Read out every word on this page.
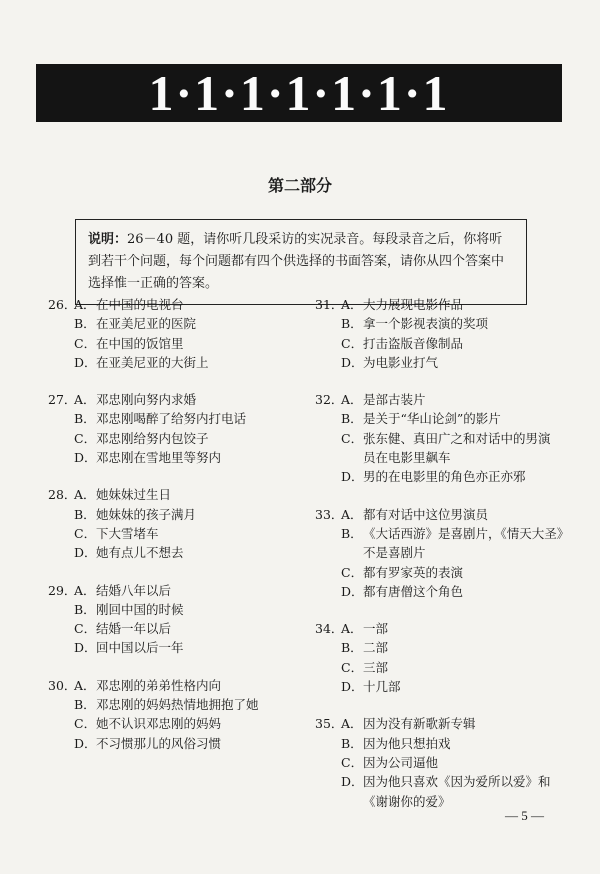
1·1·1·1·1·1·1
第二部分
说明：26－40 题，请你听几段采访的实况录音。每段录音之后，你将听到若干个问题，每个问题都有四个供选择的书面答案，请你从四个答案中选择惟一正确的答案。
26．
A． 在中国的电视台
B． 在亚美尼亚的医院
C． 在中国的饭馆里
D． 在亚美尼亚的大街上
27．
A． 邓忠刚向努内求婚
B． 邓忠刚喝醉了给努内打电话
C． 邓忠刚给努内包饺子
D． 邓忠刚在雪地里等努内
28．
A． 她妹妹过生日
B． 她妹妹的孩子满月
C． 下大雪堵车
D． 她有点儿不想去
29．
A． 结婚八年以后
B． 刚回中国的时候
C． 结婚一年以后
D． 回中国以后一年
30．
A． 邓忠刚的弟弟性格内向
B． 邓忠刚的妈妈热情地拥抱了她
C． 她不认识邓忠刚的妈妈
D． 不习惯那儿的风俗习惯
31．
A． 大力展现电影作品
B． 拿一个影视表演的奖项
C． 打击盗版音像制品
D． 为电影业打气
32．
A． 是部古装片
B． 是关于“华山论剑”的影片
C． 张东健、真田广之和对话中的男演
员在电影里飙车
D． 男的在电影里的角色亦正亦邪
33．
A． 都有对话中这位男演员
B． 《大话西游》是喜剧片，《情天大圣》
不是喜剧片
C． 都有罗家英的表演
D． 都有唐僧这个角色
34．
A． 一部
B． 二部
C． 三部
D． 十几部
35．
A． 因为没有新歌新专辑
B． 因为他只想拍戏
C． 因为公司逼他
D． 因为他只喜欢《因为爱所以爱》和
《谢谢你的爱》
— 5 —
